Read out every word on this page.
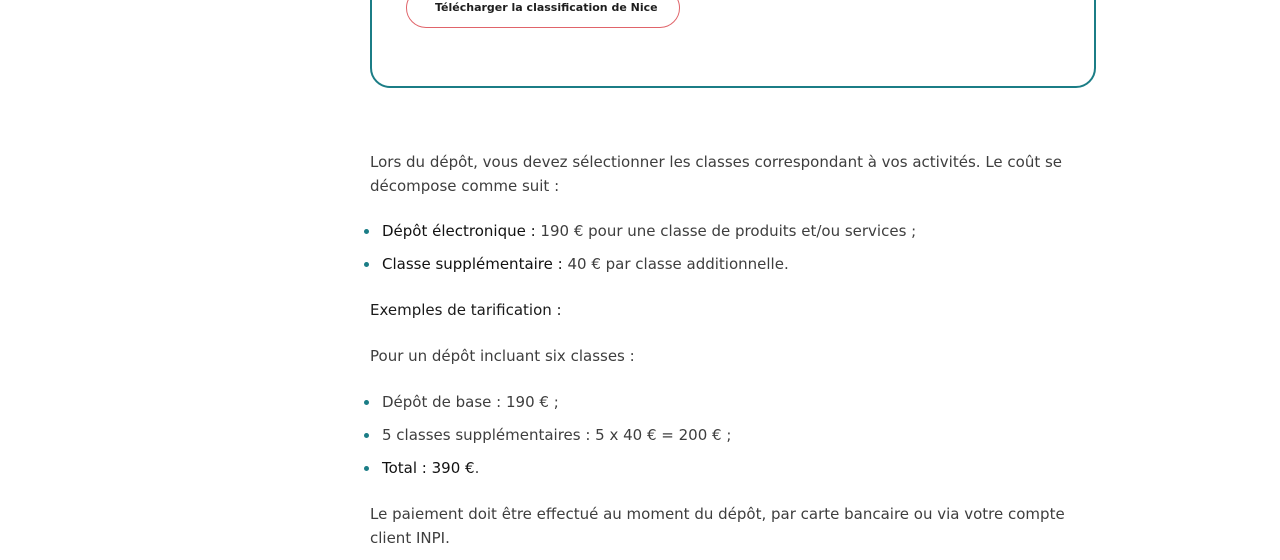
Télécharger la classification de Nice

Lors du dépôt, vous devez sélectionner les classes correspondant à vos activités. Le coût se décompose comme suit :

Dépôt électronique : 190 € pour une classe de produits et/ou services ;
Classe supplémentaire : 40 € par classe additionnelle.

Exemples de tarification :

Pour un dépôt incluant six classes :

Dépôt de base : 190 € ;
5 classes supplémentaires : 5 x 40 € = 200 € ;
Total : 390 €.

Le paiement doit être effectué au moment du dépôt, par carte bancaire ou via votre compte client INPI.
